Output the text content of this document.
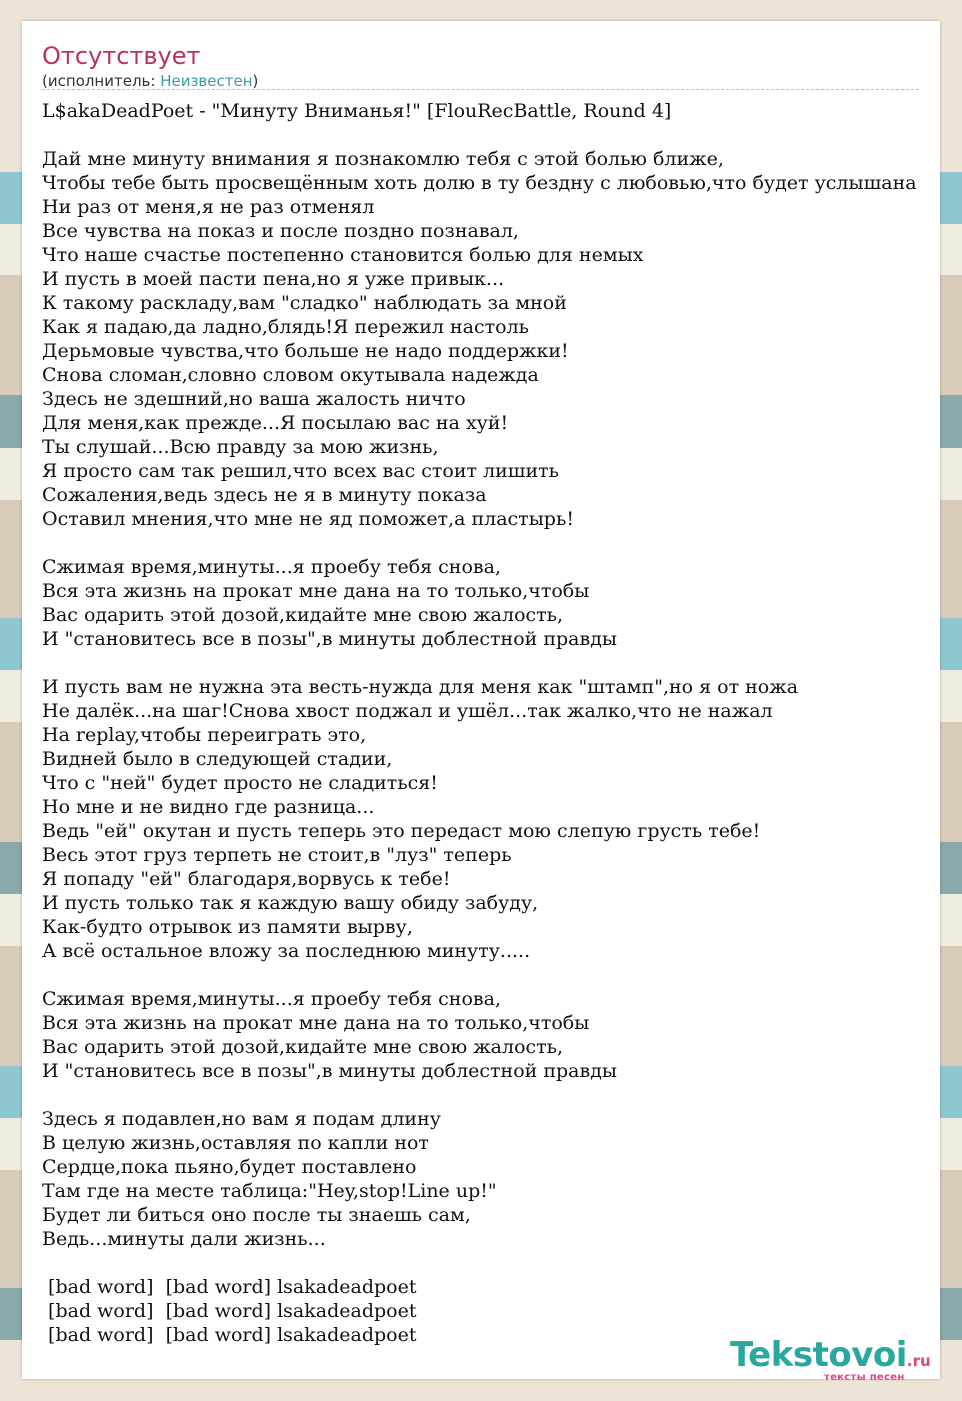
Отсутствует
(исполнитель: Неизвестен)
L$akaDeadPoet - "Минуту Вниманья!" [FlouRecBattle, Round 4]
Дай мне минуту внимания я познакомлю тебя с этой болью ближе,
Чтобы тебе быть просвещённым хоть долю в ту бездну с любовью,что будет услышана
Ни раз от меня,я не раз отменял
Все чувства на показ и после поздно познавал,
Что наше счастье постепенно становится болью для немых
И пусть в моей пасти пена,но я уже привык...
К такому раскладу,вам "сладко" наблюдать за мной
Как я падаю,да ладно,блядь!Я пережил настоль
Дерьмовые чувства,что больше не надо поддержки!
Снова сломан,словно словом окутывала надежда
Здесь не здешний,но ваша жалость ничто
Для меня,как прежде...Я посылаю вас на хуй!
Ты слушай...Всю правду за мою жизнь,
Я просто сам так решил,что всех вас стоит лишить
Сожаления,ведь здесь не я в минуту показа
Оставил мнения,что мне не яд поможет,а пластырь!
Сжимая время,минуты...я проебу тебя снова,
Вся эта жизнь на прокат мне дана на то только,чтобы
Вас одарить этой дозой,кидайте мне свою жалость,
И "становитесь все в позы",в минуты доблестной правды
И пусть вам не нужна эта весть-нужда для меня как "штамп",но я от ножа
Не далёк...на шаг!Снова хвост поджал и ушёл...так жалко,что не нажал
На replay,чтобы переиграть это,
Видней было в следующей стадии,
Что с "ней" будет просто не сладиться!
Но мне и не видно где разница...
Ведь "ей" окутан и пусть теперь это передаст мою слепую грусть тебе!
Весь этот груз терпеть не стоит,в "луз" теперь
Я попаду "ей" благодаря,ворвусь к тебе!
И пусть только так я каждую вашу обиду забуду,
Как-будто отрывок из памяти вырву,
А всё остальное вложу за последнюю минуту.....
Сжимая время,минуты...я проебу тебя снова,
Вся эта жизнь на прокат мне дана на то только,чтобы
Вас одарить этой дозой,кидайте мне свою жалость,
И "становитесь все в позы",в минуты доблестной правды
Здесь я подавлен,но вам я подам длину
В целую жизнь,оставляя по капли нот
Сердце,пока пьяно,будет поставлено
Там где на месте таблица:"Hey,stop!Line up!"
Будет ли биться оно после ты знаешь сам,
Ведь...минуты дали жизнь...
[bad word]  [bad word] lsakadeadpoet
[bad word]  [bad word] lsakadeadpoet
[bad word]  [bad word] lsakadeadpoet	Tekstovoi.ru
тексты песен
